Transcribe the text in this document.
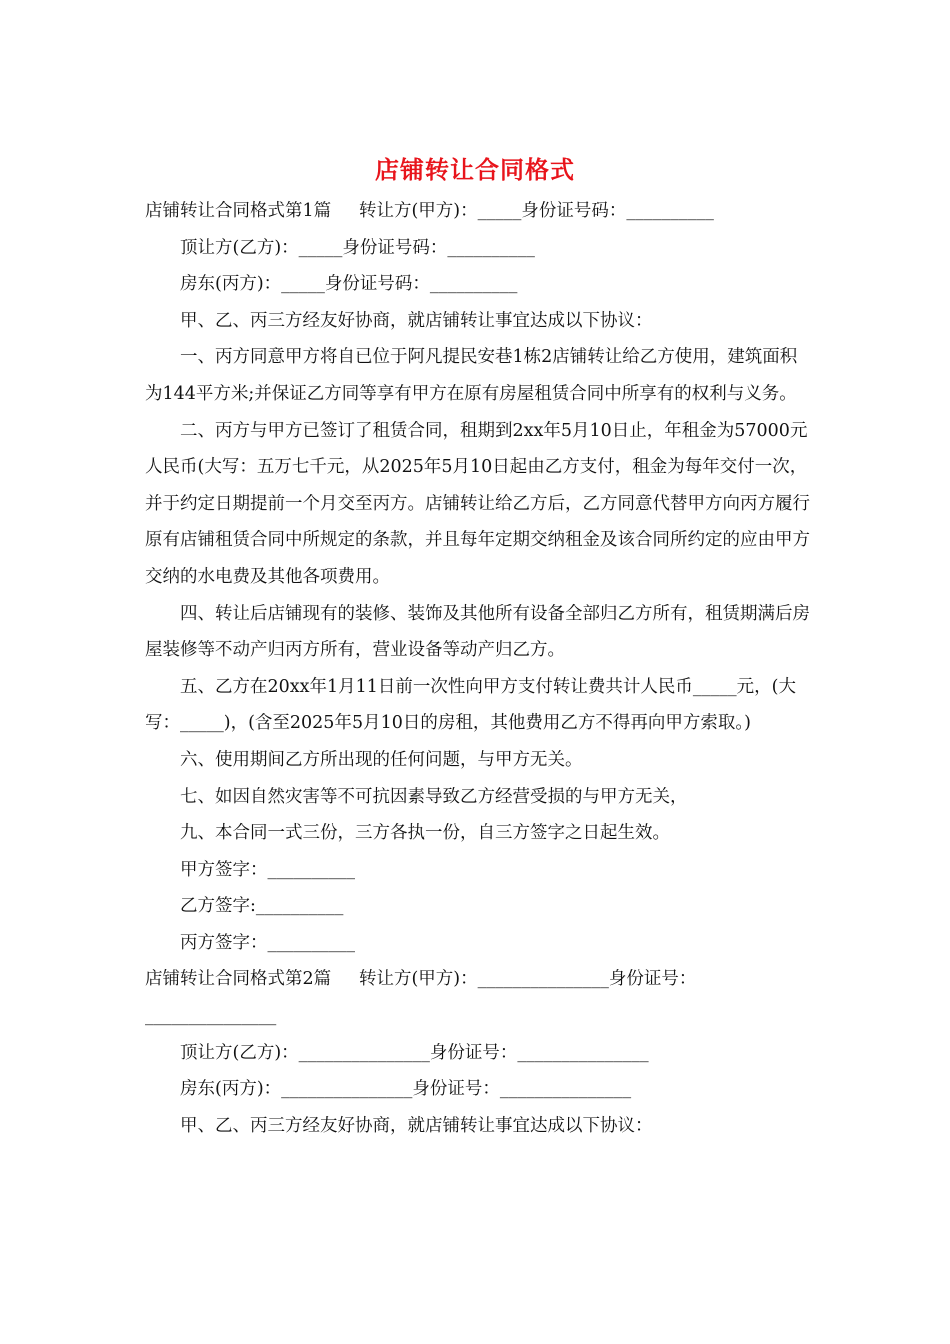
店铺转让合同格式

店铺转让合同格式第1篇     转让方(甲方)：_____身份证号码：__________

顶让方(乙方)：_____身份证号码：__________

房东(丙方)：_____身份证号码：__________

甲、乙、丙三方经友好协商，就店铺转让事宜达成以下协议：

一、丙方同意甲方将自已位于阿凡提民安巷1栋2店铺转让给乙方使用，建筑面积为144平方米;并保证乙方同等享有甲方在原有房屋租赁合同中所享有的权利与义务。

二、丙方与甲方已签订了租赁合同，租期到2xx年5月10日止，年租金为57000元人民币(大写：五万七千元，从2025年5月10日起由乙方支付，租金为每年交付一次，并于约定日期提前一个月交至丙方。店铺转让给乙方后，乙方同意代替甲方向丙方履行原有店铺租赁合同中所规定的条款，并且每年定期交纳租金及该合同所约定的应由甲方交纳的水电费及其他各项费用。

四、转让后店铺现有的装修、装饰及其他所有设备全部归乙方所有，租赁期满后房屋装修等不动产归丙方所有，营业设备等动产归乙方。

五、乙方在20xx年1月11日前一次性向甲方支付转让费共计人民币_____元，(大写：_____)，(含至2025年5月10日的房租，其他费用乙方不得再向甲方索取。)

六、使用期间乙方所出现的任何问题，与甲方无关。

七、如因自然灾害等不可抗因素导致乙方经营受损的与甲方无关，

九、本合同一式三份，三方各执一份，自三方签字之日起生效。

甲方签字：__________

乙方签字:__________

丙方签字：__________

店铺转让合同格式第2篇     转让方(甲方)：_______________身份证号：_______________

顶让方(乙方)：_______________身份证号：_______________

房东(丙方)：_______________身份证号：_______________

甲、乙、丙三方经友好协商，就店铺转让事宜达成以下协议：
